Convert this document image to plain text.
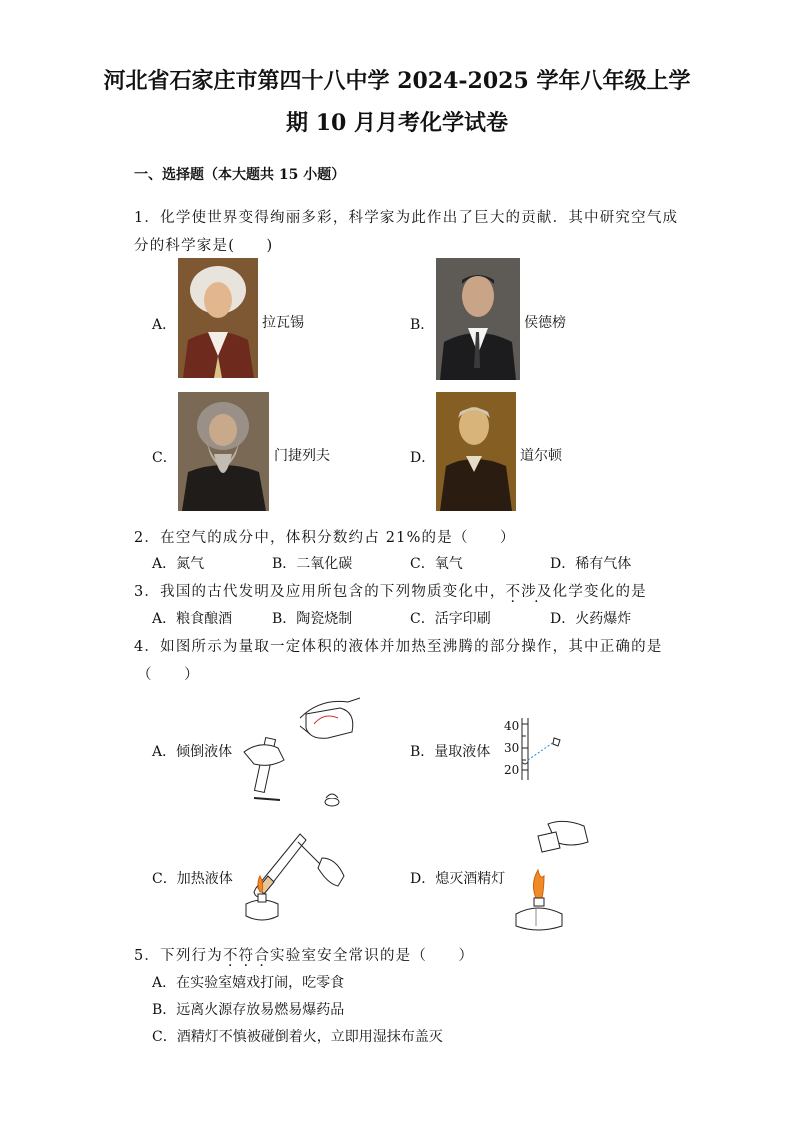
河北省石家庄市第四十八中学 2024-2025 学年八年级上学
期 10 月月考化学试卷
一、选择题（本大题共 15 小题）
1．化学使世界变得绚丽多彩，科学家为此作出了巨大的贡献．其中研究空气成
分的科学家是(　　)
A．	拉瓦锡	B．	侯德榜
C．	门捷列夫	D．	道尔顿
2．在空气的成分中，体积分数约占 21%的是（　　）
A．氮气	B．二氧化碳	C．氧气	D．稀有气体
3．我国的古代发明及应用所包含的下列物质变化中，不涉及化学变化的是
A．粮食酿酒	B．陶瓷烧制	C．活字印刷	D．火药爆炸
4．如图所示为量取一定体积的液体并加热至沸腾的部分操作，其中正确的是
（　　）
A．倾倒液体	B．量取液体
40
30
20
C．加热液体	D．熄灭酒精灯
5．下列行为不符合实验室安全常识的是（　　）
A．在实验室嬉戏打闹，吃零食
B．远离火源存放易燃易爆药品
C．酒精灯不慎被碰倒着火，立即用湿抹布盖灭
